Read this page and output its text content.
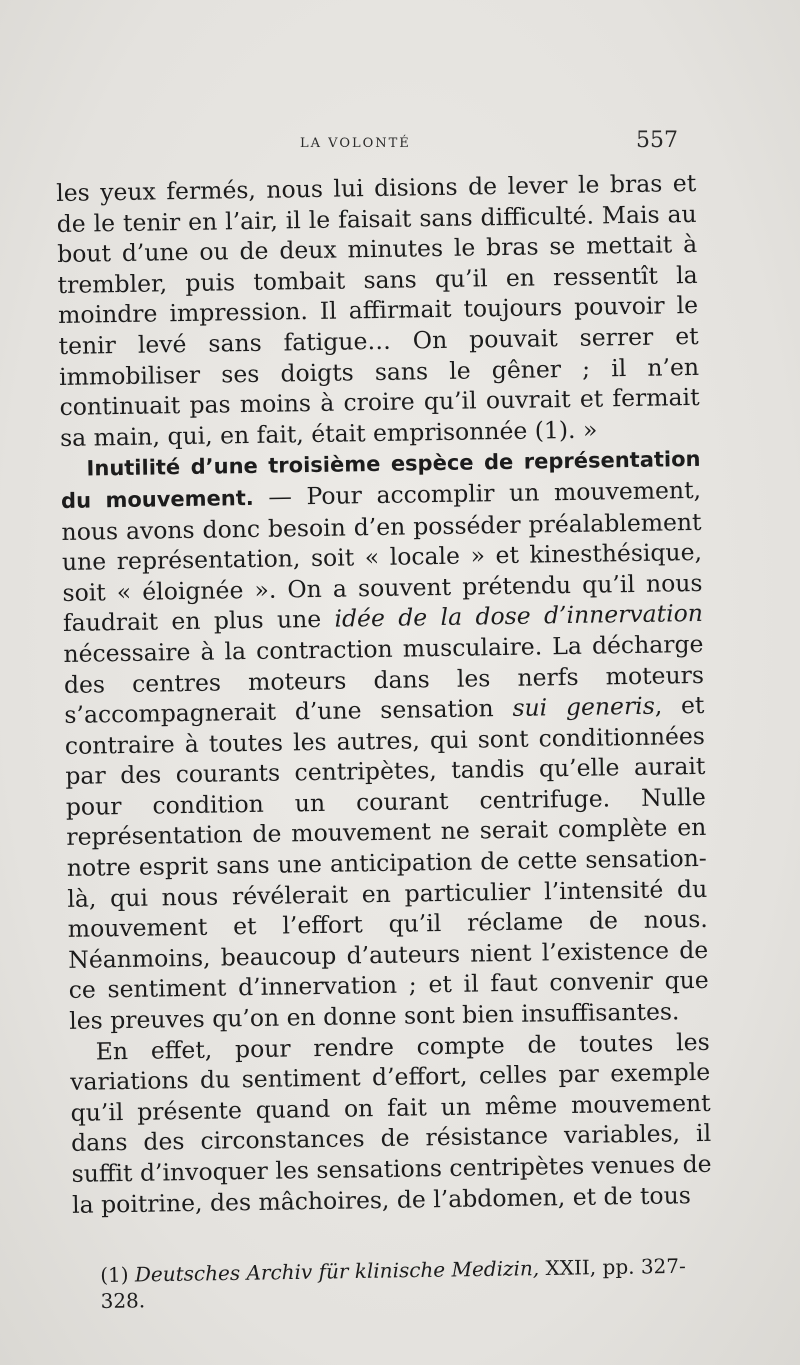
LA VOLONTÉ	557

les yeux fermés, nous lui disions de lever le bras et de le tenir en l’air, il le faisait sans difficulté. Mais au bout d’une ou de deux minutes le bras se mettait à trembler, puis tombait sans qu’il en ressentît la moindre impression. Il affirmait toujours pouvoir le tenir levé sans fatigue… On pouvait serrer et immobiliser ses doigts sans le gêner ; il n’en continuait pas moins à croire qu’il ouvrait et fermait sa main, qui, en fait, était emprisonnée (1). »

Inutilité d’une troisième espèce de représentation du mouvement. — Pour accomplir un mouvement, nous avons donc besoin d’en posséder préalablement une représentation, soit « locale » et kinesthésique, soit « éloignée ». On a souvent prétendu qu’il nous faudrait en plus une idée de la dose d’innervation nécessaire à la contraction musculaire. La décharge des centres moteurs dans les nerfs moteurs s’accompagnerait d’une sensation sui generis, et contraire à toutes les autres, qui sont conditionnées par des courants centripètes, tandis qu’elle aurait pour condition un courant centrifuge. Nulle représentation de mouvement ne serait complète en notre esprit sans une anticipation de cette sensation-là, qui nous révélerait en particulier l’intensité du mouvement et l’effort qu’il réclame de nous. Néanmoins, beaucoup d’auteurs nient l’existence de ce sentiment d’innervation ; et il faut convenir que les preuves qu’on en donne sont bien insuffisantes.

En effet, pour rendre compte de toutes les variations du sentiment d’effort, celles par exemple qu’il présente quand on fait un même mouvement dans des circonstances de résistance variables, il suffit d’invoquer les sensations centripètes venues de la poitrine, des mâchoires, de l’abdomen, et de tous

(1) Deutsches Archiv für klinische Medizin, XXII, pp. 327-328.
